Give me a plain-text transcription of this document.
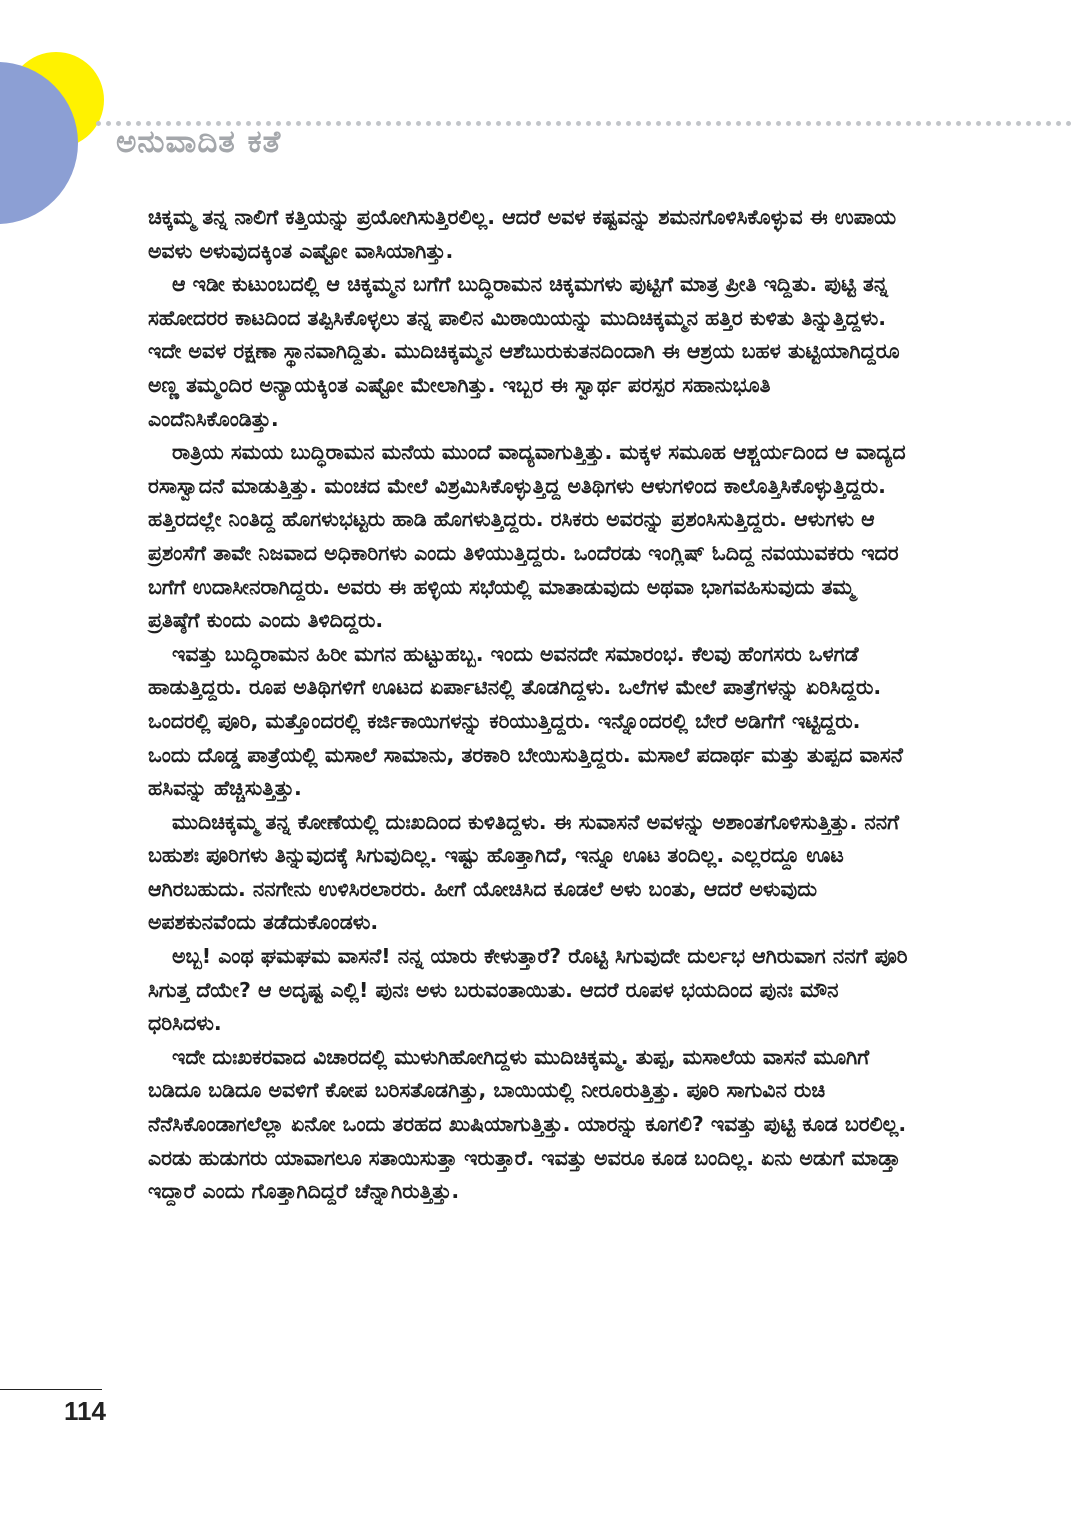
ಅನುವಾದಿತ ಕತೆ

ಚಿಕ್ಕಮ್ಮ ತನ್ನ ನಾಲಿಗೆ ಕತ್ತಿಯನ್ನು ಪ್ರಯೋಗಿಸುತ್ತಿರಲಿಲ್ಲ. ಆದರೆ ಅವಳ ಕಷ್ಟವನ್ನು ಶಮನಗೊಳಿಸಿಕೊಳ್ಳುವ ಈ ಉಪಾಯ ಅವಳು ಅಳುವುದಕ್ಕಿಂತ ಎಷ್ಟೋ ವಾಸಿಯಾಗಿತ್ತು.

ಆ ಇಡೀ ಕುಟುಂಬದಲ್ಲಿ ಆ ಚಿಕ್ಕಮ್ಮನ ಬಗೆಗೆ ಬುದ್ಧಿರಾಮನ ಚಿಕ್ಕಮಗಳು ಪುಟ್ಟಿಗೆ ಮಾತ್ರ ಪ್ರೀತಿ ಇದ್ದಿತು. ಪುಟ್ಟಿ ತನ್ನ ಸಹೋದರರ ಕಾಟದಿಂದ ತಪ್ಪಿಸಿಕೊಳ್ಳಲು ತನ್ನ ಪಾಲಿನ ಮಿಠಾಯಿಯನ್ನು ಮುದಿಚಿಕ್ಕಮ್ಮನ ಹತ್ತಿರ ಕುಳಿತು ತಿನ್ನುತ್ತಿದ್ದಳು. ಇದೇ ಅವಳ ರಕ್ಷಣಾ ಸ್ಥಾನವಾಗಿದ್ದಿತು. ಮುದಿಚಿಕ್ಕಮ್ಮನ ಆಶೆಬುರುಕುತನದಿಂದಾಗಿ ಈ ಆಶ್ರಯ ಬಹಳ ತುಟ್ಟಿಯಾಗಿದ್ದರೂ ಅಣ್ಣ ತಮ್ಮಂದಿರ ಅನ್ಯಾಯಕ್ಕಿಂತ ಎಷ್ಟೋ ಮೇಲಾಗಿತ್ತು. ಇಬ್ಬರ ಈ ಸ್ವಾರ್ಥ ಪರಸ್ಪರ ಸಹಾನುಭೂತಿ ಎಂದೆನಿಸಿಕೊಂಡಿತ್ತು.

ರಾತ್ರಿಯ ಸಮಯ ಬುದ್ಧಿರಾಮನ ಮನೆಯ ಮುಂದೆ ವಾದ್ಯವಾಗುತ್ತಿತ್ತು. ಮಕ್ಕಳ ಸಮೂಹ ಆಶ್ಚರ್ಯದಿಂದ ಆ ವಾದ್ಯದ ರಸಾಸ್ವಾದನೆ ಮಾಡುತ್ತಿತ್ತು. ಮಂಚದ ಮೇಲೆ ವಿಶ್ರಮಿಸಿಕೊಳ್ಳುತ್ತಿದ್ದ ಅತಿಥಿಗಳು ಆಳುಗಳಿಂದ ಕಾಲೊತ್ತಿಸಿಕೊಳ್ಳುತ್ತಿದ್ದರು. ಹತ್ತಿರದಲ್ಲೇ ನಿಂತಿದ್ದ ಹೊಗಳುಭಟ್ಟರು ಹಾಡಿ ಹೊಗಳುತ್ತಿದ್ದರು. ರಸಿಕರು ಅವರನ್ನು ಪ್ರಶಂಸಿಸುತ್ತಿದ್ದರು. ಆಳುಗಳು ಆ ಪ್ರಶಂಸೆಗೆ ತಾವೇ ನಿಜವಾದ ಅಧಿಕಾರಿಗಳು ಎಂದು ತಿಳಿಯುತ್ತಿದ್ದರು. ಒಂದೆರಡು ಇಂಗ್ಲಿಷ್ ಓದಿದ್ದ ನವಯುವಕರು ಇದರ ಬಗೆಗೆ ಉದಾಸೀನರಾಗಿದ್ದರು. ಅವರು ಈ ಹಳ್ಳಿಯ ಸಭೆಯಲ್ಲಿ ಮಾತಾಡುವುದು ಅಥವಾ ಭಾಗವಹಿಸುವುದು ತಮ್ಮ ಪ್ರತಿಷ್ಠೆಗೆ ಕುಂದು ಎಂದು ತಿಳಿದಿದ್ದರು.

ಇವತ್ತು ಬುದ್ಧಿರಾಮನ ಹಿರೀ ಮಗನ ಹುಟ್ಟುಹಬ್ಬ. ಇಂದು ಅವನದೇ ಸಮಾರಂಭ. ಕೆಲವು ಹೆಂಗಸರು ಒಳಗಡೆ ಹಾಡುತ್ತಿದ್ದರು. ರೂಪ ಅತಿಥಿಗಳಿಗೆ ಊಟದ ಏರ್ಪಾಟಿನಲ್ಲಿ ತೊಡಗಿದ್ದಳು. ಒಲೆಗಳ ಮೇಲೆ ಪಾತ್ರೆಗಳನ್ನು ಏರಿಸಿದ್ದರು. ಒಂದರಲ್ಲಿ ಪೂರಿ, ಮತ್ತೊಂದರಲ್ಲಿ ಕರ್ಜಿಕಾಯಿಗಳನ್ನು ಕರಿಯುತ್ತಿದ್ದರು. ಇನ್ನೊಂದರಲ್ಲಿ ಬೇರೆ ಅಡಿಗೆಗೆ ಇಟ್ಟಿದ್ದರು. ಒಂದು ದೊಡ್ಡ ಪಾತ್ರೆಯಲ್ಲಿ ಮಸಾಲೆ ಸಾಮಾನು, ತರಕಾರಿ ಬೇಯಿಸುತ್ತಿದ್ದರು. ಮಸಾಲೆ ಪದಾರ್ಥ ಮತ್ತು ತುಪ್ಪದ ವಾಸನೆ ಹಸಿವನ್ನು ಹೆಚ್ಚಿಸುತ್ತಿತ್ತು.

ಮುದಿಚಿಕ್ಕಮ್ಮ ತನ್ನ ಕೋಣೆಯಲ್ಲಿ ದುಃಖದಿಂದ ಕುಳಿತಿದ್ದಳು. ಈ ಸುವಾಸನೆ ಅವಳನ್ನು ಅಶಾಂತಗೊಳಿಸುತ್ತಿತ್ತು. ನನಗೆ ಬಹುಶಃ ಪೂರಿಗಳು ತಿನ್ನುವುದಕ್ಕೆ ಸಿಗುವುದಿಲ್ಲ. ಇಷ್ಟು ಹೊತ್ತಾಗಿದೆ, ಇನ್ನೂ ಊಟ ತಂದಿಲ್ಲ. ಎಲ್ಲರದ್ದೂ ಊಟ ಆಗಿರಬಹುದು. ನನಗೇನು ಉಳಿಸಿರಲಾರರು. ಹೀಗೆ ಯೋಚಿಸಿದ ಕೂಡಲೆ ಅಳು ಬಂತು, ಆದರೆ ಅಳುವುದು ಅಪಶಕುನವೆಂದು ತಡೆದುಕೊಂಡಳು.

ಅಬ್ಬ! ಎಂಥ ಘಮಘಮ ವಾಸನೆ! ನನ್ನ ಯಾರು ಕೇಳುತ್ತಾರೆ? ರೊಟ್ಟಿ ಸಿಗುವುದೇ ದುರ್ಲಭ ಆಗಿರುವಾಗ ನನಗೆ ಪೂರಿ ಸಿಗುತ್ತ ದೆಯೇ? ಆ ಅದೃಷ್ಟ ಎಲ್ಲಿ! ಪುನಃ ಅಳು ಬರುವಂತಾಯಿತು. ಆದರೆ ರೂಪಳ ಭಯದಿಂದ ಪುನಃ ಮೌನ ಧರಿಸಿದಳು.

ಇದೇ ದುಃಖಕರವಾದ ವಿಚಾರದಲ್ಲಿ ಮುಳುಗಿಹೋಗಿದ್ದಳು ಮುದಿಚಿಕ್ಕಮ್ಮ. ತುಪ್ಪ, ಮಸಾಲೆಯ ವಾಸನೆ ಮೂಗಿಗೆ ಬಡಿದೂ ಬಡಿದೂ ಅವಳಿಗೆ ಕೋಪ ಬರಿಸತೊಡಗಿತ್ತು, ಬಾಯಿಯಲ್ಲಿ ನೀರೂರುತ್ತಿತ್ತು. ಪೂರಿ ಸಾಗುವಿನ ರುಚಿ ನೆನೆಸಿಕೊಂಡಾಗಲೆಲ್ಲಾ ಏನೋ ಒಂದು ತರಹದ ಖುಷಿಯಾಗುತ್ತಿತ್ತು. ಯಾರನ್ನು ಕೂಗಲಿ? ಇವತ್ತು ಪುಟ್ಟಿ ಕೂಡ ಬರಲಿಲ್ಲ. ಎರಡು ಹುಡುಗರು ಯಾವಾಗಲೂ ಸತಾಯಿಸುತ್ತಾ ಇರುತ್ತಾರೆ. ಇವತ್ತು ಅವರೂ ಕೂಡ ಬಂದಿಲ್ಲ. ಏನು ಅಡುಗೆ ಮಾಡ್ತಾ ಇದ್ದಾರೆ ಎಂದು ಗೊತ್ತಾಗಿದಿದ್ದರೆ ಚೆನ್ನಾಗಿರುತ್ತಿತ್ತು.

114
